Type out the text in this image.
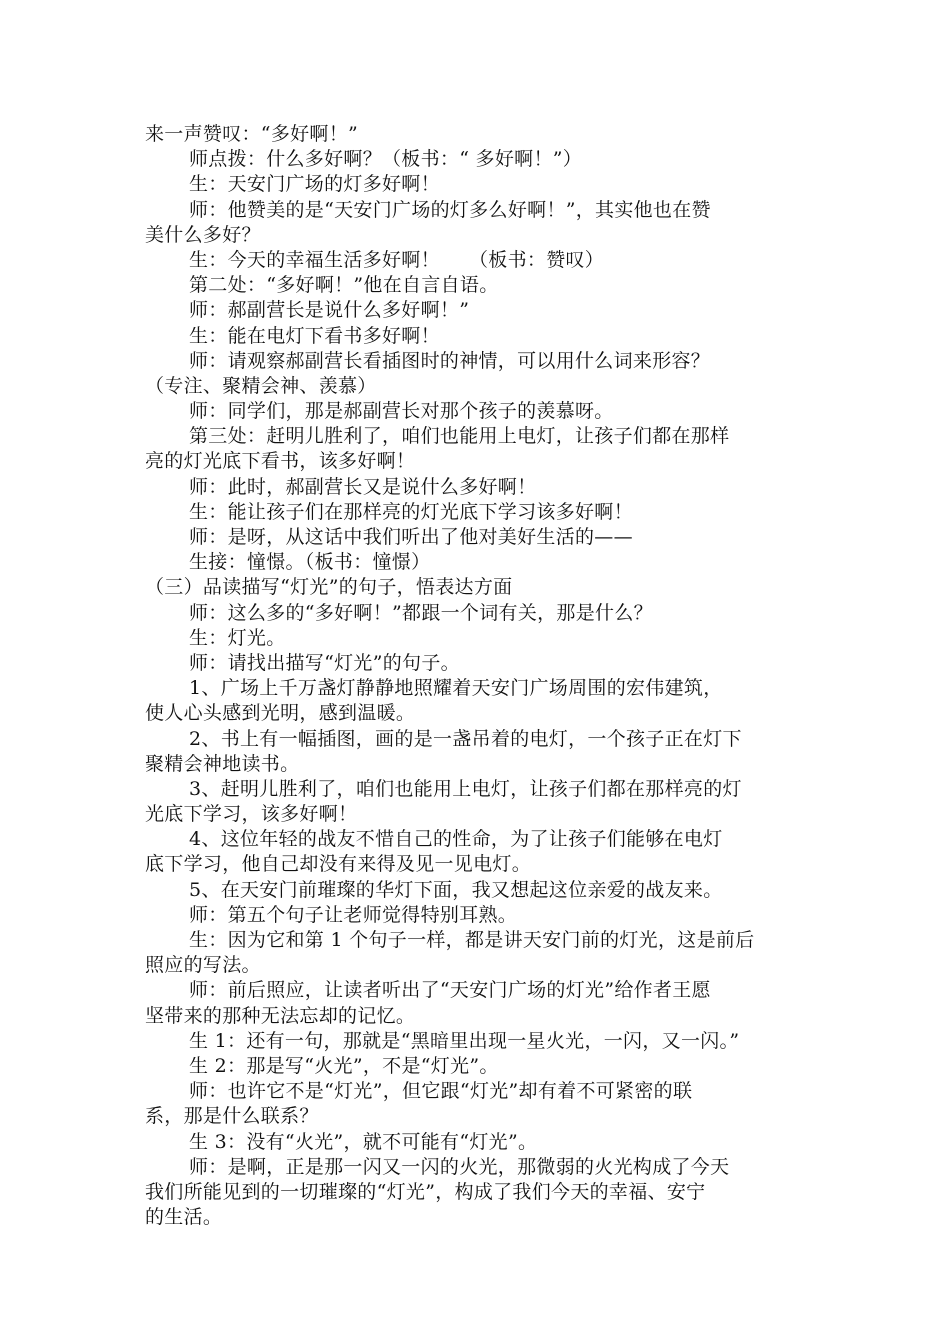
来一声赞叹：“多好啊！”
师点拨：什么多好啊？（板书：“ 多好啊！”）
生：天安门广场的灯多好啊！
师：他赞美的是“天安门广场的灯多么好啊！”，其实他也在赞
美什么多好？
生：今天的幸福生活多好啊！　　（板书：赞叹）
第二处：“多好啊！”他在自言自语。
师：郝副营长是说什么多好啊！”
生：能在电灯下看书多好啊！
师：请观察郝副营长看插图时的神情，可以用什么词来形容？
（专注、聚精会神、羡慕）
师：同学们，那是郝副营长对那个孩子的羡慕呀。
第三处：赶明儿胜利了，咱们也能用上电灯，让孩子们都在那样
亮的灯光底下看书，该多好啊！
师：此时，郝副营长又是说什么多好啊！
生：能让孩子们在那样亮的灯光底下学习该多好啊！
师：是呀，从这话中我们听出了他对美好生活的——
生接：憧憬。（板书：憧憬）
（三）品读描写“灯光”的句子，悟表达方面
师：这么多的“多好啊！”都跟一个词有关，那是什么？
生：灯光。
师：请找出描写“灯光”的句子。
1、广场上千万盏灯静静地照耀着天安门广场周围的宏伟建筑，
使人心头感到光明，感到温暖。
2、书上有一幅插图，画的是一盏吊着的电灯，一个孩子正在灯下
聚精会神地读书。
3、赶明儿胜利了，咱们也能用上电灯，让孩子们都在那样亮的灯
光底下学习，该多好啊！
4、这位年轻的战友不惜自己的性命，为了让孩子们能够在电灯
底下学习，他自己却没有来得及见一见电灯。
5、在天安门前璀璨的华灯下面，我又想起这位亲爱的战友来。
师：第五个句子让老师觉得特别耳熟。
生：因为它和第 1 个句子一样，都是讲天安门前的灯光，这是前后
照应的写法。
师：前后照应，让读者听出了“天安门广场的灯光”给作者王愿
坚带来的那种无法忘却的记忆。
生 1：还有一句，那就是“黑暗里出现一星火光，一闪，又一闪。”
生 2：那是写“火光”，不是“灯光”。
师：也许它不是“灯光”，但它跟“灯光”却有着不可紧密的联
系，那是什么联系？
生 3：没有“火光”，就不可能有“灯光”。
师：是啊，正是那一闪又一闪的火光，那微弱的火光构成了今天
我们所能见到的一切璀璨的“灯光”，构成了我们今天的幸福、安宁
的生活。
